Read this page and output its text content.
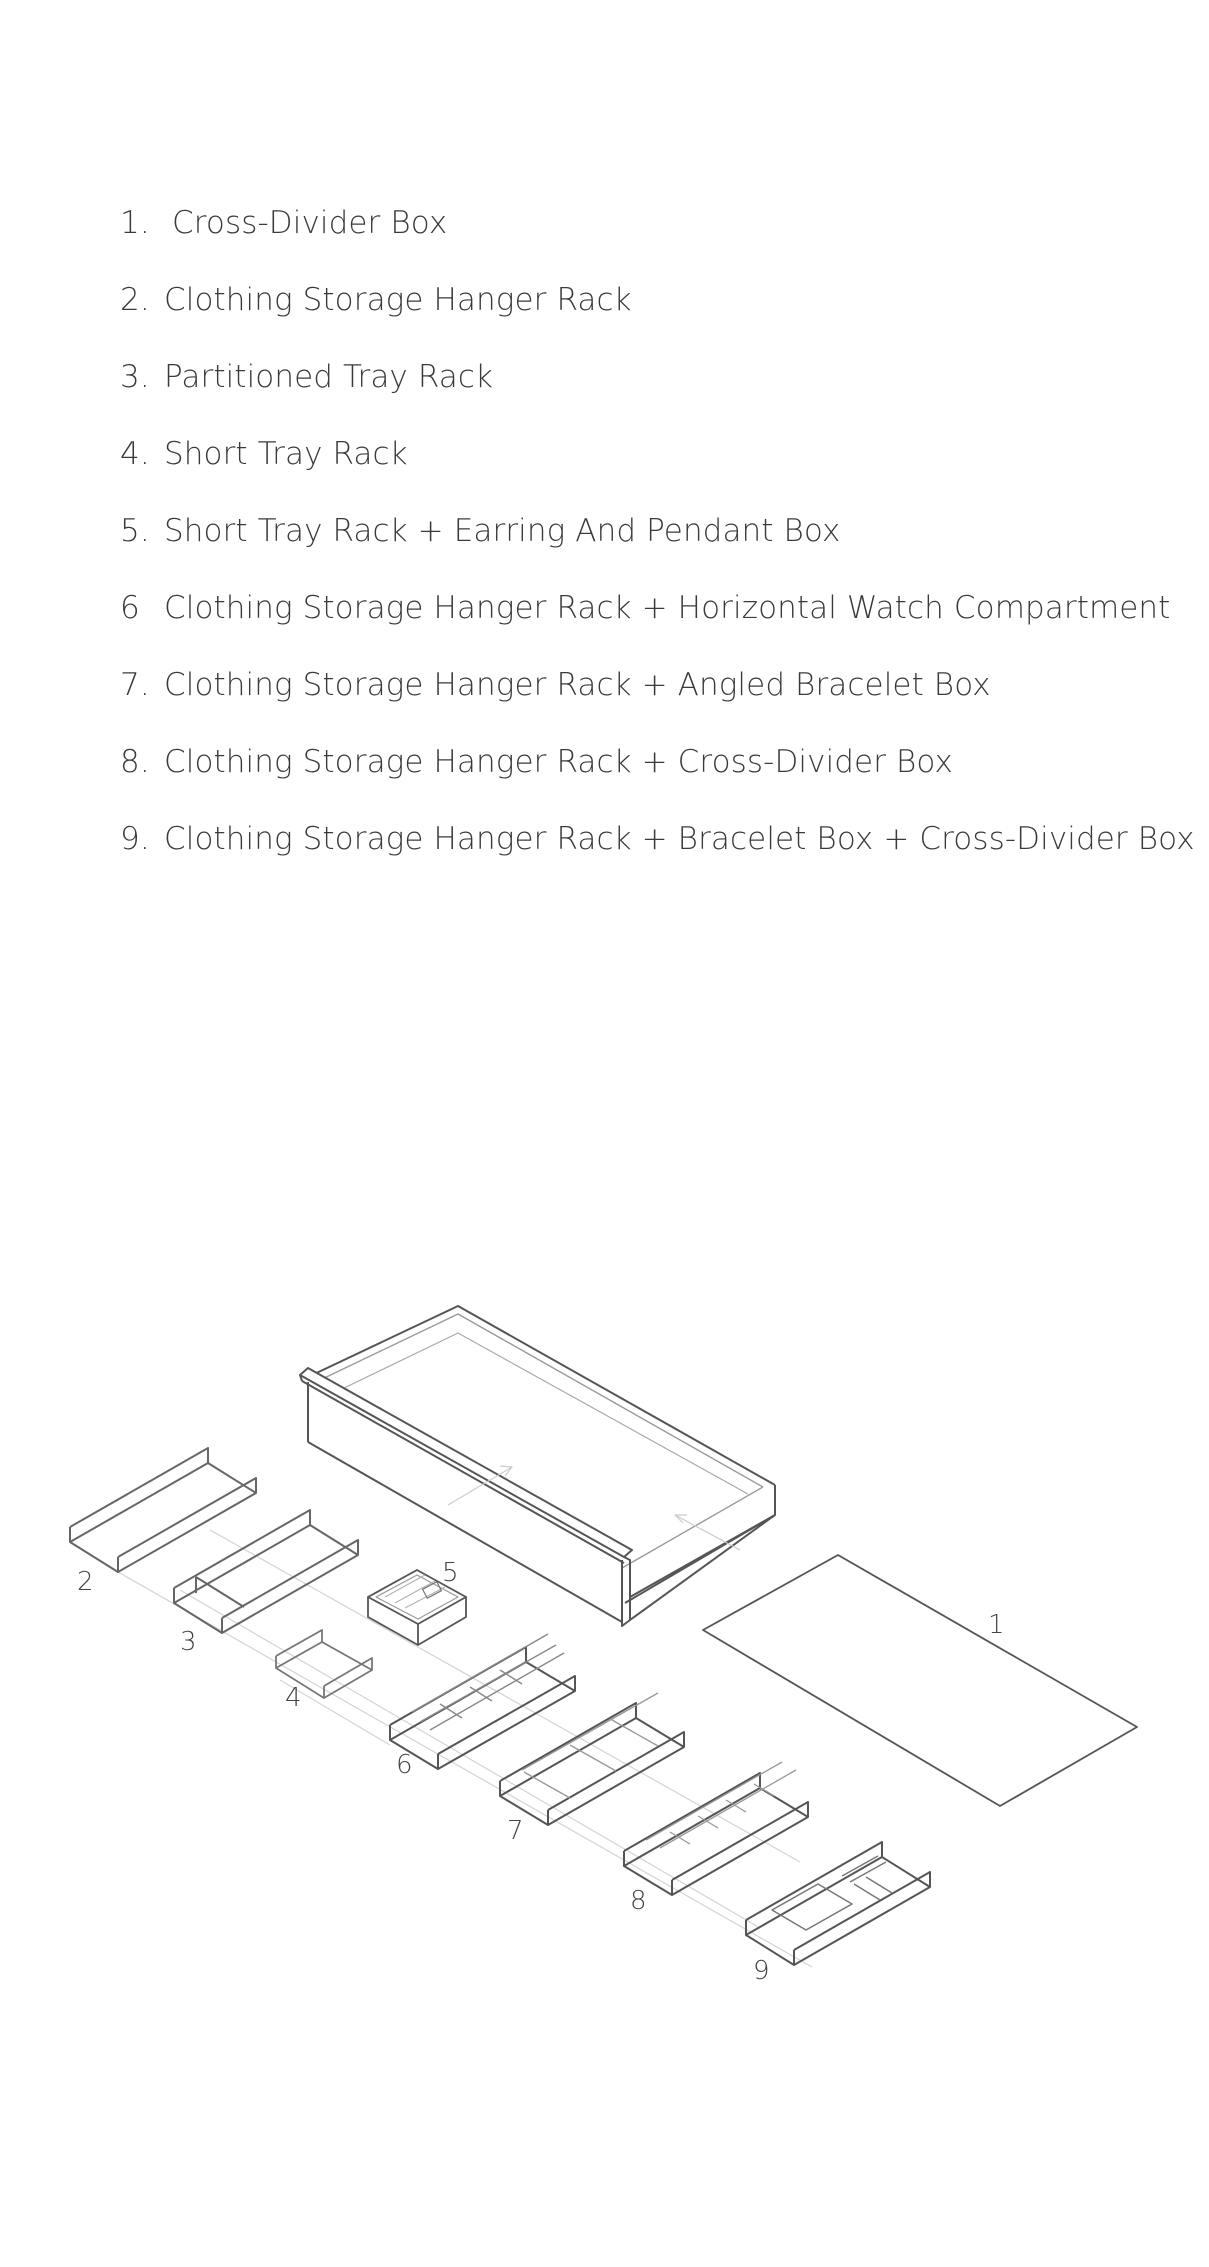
1. Cross-Divider Box
2. Clothing Storage Hanger Rack
3. Partitioned Tray Rack
4. Short Tray Rack
5. Short Tray Rack + Earring And Pendant Box
6 Clothing Storage Hanger Rack + Horizontal Watch Compartment
7. Clothing Storage Hanger Rack + Angled Bracelet Box
8. Clothing Storage Hanger Rack + Cross-Divider Box
9. Clothing Storage Hanger Rack + Bracelet Box + Cross-Divider Box
1
2
3
4
5
6
7
8
9
